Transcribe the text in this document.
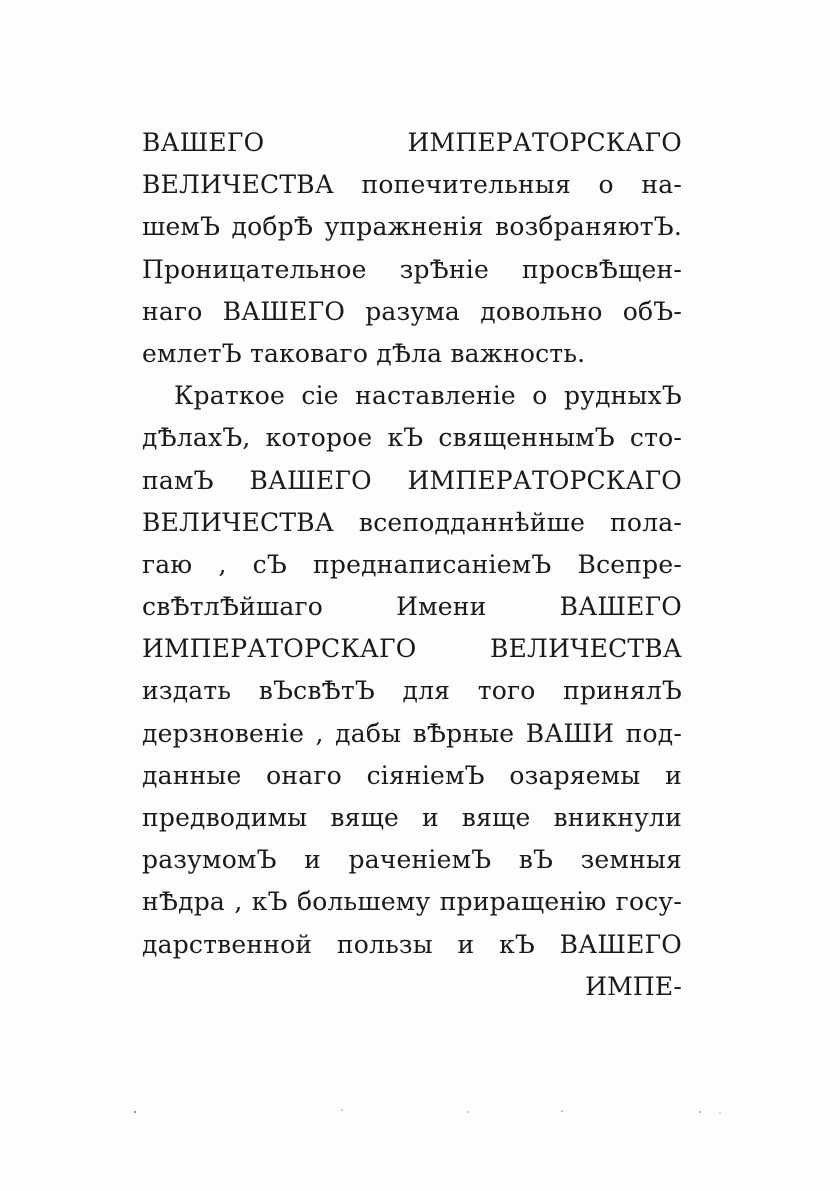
ВАШЕГО ИМПЕРАТОРСКАГО
ВЕЛИЧЕСТВА попечительныя о на-
шемЪ добрѢ упражненія возбраняютЪ.
Проницательное зрѢніе просвѢщен-
наго ВАШЕГО разума довольно обЪ-
емлетЪ таковаго дѢла важность.
Краткое сіе наставленіе о рудныхЪ
дѢлахЪ, которое кЪ священнымЪ сто-
памЪ ВАШЕГО ИМПЕРАТОРСКАГО
ВЕЛИЧЕСТВА всеподданнѣйше пола-
гаю , сЪ преднаписаніемЪ Всепре-
свѢтлѢйшаго Имени ВАШЕГО
ИМПЕРАТОРСКАГО ВЕЛИЧЕСТВА
издать вЪсвѢтЪ для того принялЪ
дерзновеніе , дабы вѢрные ВАШИ под-
данные онаго сіяніемЪ озаряемы и
предводимы вяще и вяще вникнули
разумомЪ и раченіемЪ вЪ земныя
нѢдра , кЪ большему приращенію госу-
дарственной пользы и кЪ ВАШЕГО
ИМПЕ-
